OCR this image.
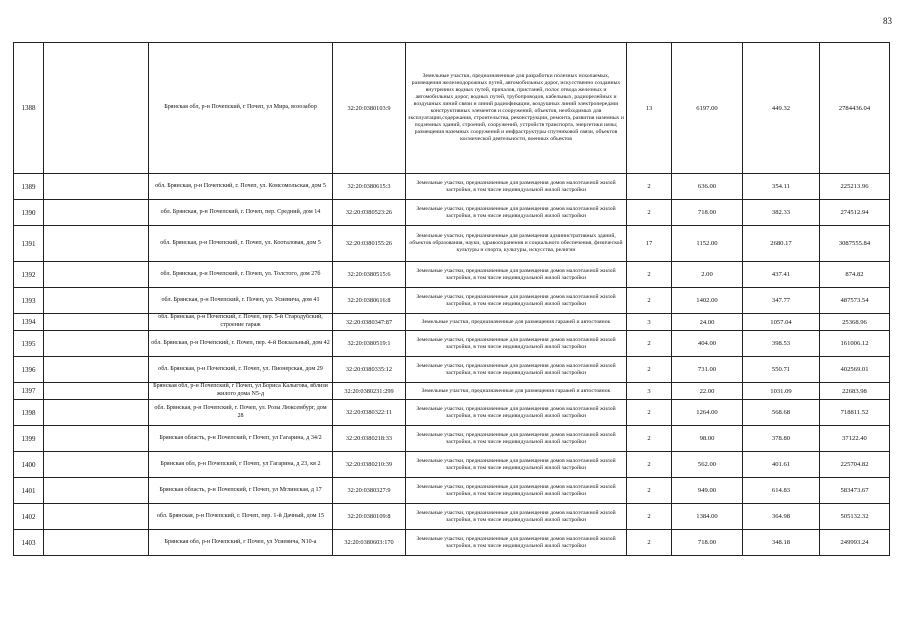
83
1388		Брянская обл, р-н Почепский, г Почеп, ул Мира, возозабор	32:20:0380103:9	Земельные участки, предназначенные для разработки полезных ископаемых, размещения железнодорожных путей, автомобильных дорог, искусственно созданных внутренних водных путей, причалов, пристаней, полос отвода железных и автомобильных дорог, водных путей, трубопроводов, кабельных, радиорелейных и воздушных линий связи и линий радиофикации, воздушных линий электропередачи конструктивных элементов и сооружений, объектов, необходимых для эксплуатации,содержания, строительства, реконструкции, ремонта, развития наземных и подземных зданий, строений, сооружений, устройств транспорта, энергетики иязы; размещения наземных сооружений и инфраструктуры спутниковой связи, объектов космической деятельности, военных объектов	13	6197.00	449.32	2784436.04
1389		обл. Брянская, р-н Почепский, г. Почеп, ул. Комсомольская, дом 5	32:20:0380615:3	Земельные участки, предназначенные для размещения домов малоэтажной жилой застройки, в том числе индивидуальной жилой застройки	2	636.00	354.11	225213.96
1390		обл. Брянская, р-н Почепский, г. Почеп, пер. Средний, дом 14	32:20:0380523:26	Земельные участки, предназначенные для размещения домов малоэтажной жилой застройки, в том числе индивидуальной жилой застройки	2	718.00	382.33	274512.94
1391		обл. Брянская, р-н Почепский, г. Почеп, ул. Кооталовая, дом 5	32:20:0380155:26	Земельные участки, предназначенные для размещения административных зданий, объектов образования, науки, здравоохранения и социального обеспечения, физической культуры и спорта, культуры, искусства, религии	17	1152.00	2680.17	3087555.84
1392		обл. Брянская, р-н Почепский, г. Почеп, ул. Толстого, дом 27б	32:20:0380515:6	Земельные участки, предназначенные для размещения домов малоэтажной жилой застройки, в том числе индивидуальной жилой застройки	2	2.00	437.41	874.82
1393		обл. Брянская, р-н Почепский, г. Почеп, ул. Усиевича, дом 41	32:20:0380616:8	Земельные участки, предназначенные для размещения домов малоэтажной жилой застройки, в том числе индивидуальной жилой застройки	2	1402.00	347.77	487573.54
1394		обл. Брянская, р-н Почепский, г. Почеп, пер. 5-й Стародубский, строение гараж	32:20:0380347:87	Земельные участки, предназначенные для размещения гаражей и автостоянок	3	24.00	1057.04	25368.96
1395		обл. Брянская, р-н Почепский, г. Почеп, пер. 4-й Вокзальный, дом 42	32:20:0380519:1	Земельные участки, предназначенные для размещения домов малоэтажной жилой застройки, в том числе индивидуальной жилой застройки	2	404.00	398.53	161006.12
1396		обл. Брянская, р-н Почепский, г. Почеп, ул. Пионерская, дом 29	32:20:0380335:12	Земельные участки, предназначенные для размещения домов малоэтажной жилой застройки, в том числе индивидуальной жилой застройки	2	731.00	550.71	402569.01
1397		Брянская обл, р-н Почепский, г Почеп, ул Бориса Калыгова, вблизи жилого дома N5-д	32:20:0380231:299	Земельные участки, предназначенные для размещения гаражей и автостоянок	3	22.00	1031.09	22683.98
1398		обл. Брянская, р-н Почепский, г. Почеп, ул. Розы Люксембург, дом 28	32:20:0380322:11	Земельные участки, предназначенные для размещения домов малоэтажной жилой застройки, в том числе индивидуальной жилой застройки	2	1264.00	568.68	718811.52
1399		Брянская область, р-н Почепский, г Почеп, ул Гагарина, д 34/2	32:20:0380218:33	Земельные участки, предназначенные для размещения домов малоэтажной жилой застройки, в том числе индивидуальной жилой застройки	2	98.00	378.80	37122.40
1400		Брянская обл, р-н Почепский, г Почеп, ул Гагарина, д 23, кв 2	32:20:0380210:39	Земельные участки, предназначенные для размещения домов малоэтажной жилой застройки, в том числе индивидуальной жилой застройки	2	562.00	401.61	225704.82
1401		Брянская область, р-н Почепский, г Почеп, ул Мглинская, д 17	32:20:0380327:9	Земельные участки, предназначенные для размещения домов малоэтажной жилой застройки, в том числе индивидуальной жилой застройки	2	949.00	614.83	583473.67
1402		обл. Брянская, р-н Почепский, г. Почеп, пер. 1-й Дачный, дом 15	32:20:0380109:8	Земельные участки, предназначенные для размещения домов малоэтажной жилой застройки, в том числе индивидуальной жилой застройки	2	1384.00	364.98	505132.32
1403		Брянская обл, р-н Почепский, г Почеп, ул Усиевича, N10-а	32:20:0380603:170	Земельные участки, предназначенные для размещения домов малоэтажной жилой застройки, в том числе индивидуальной жилой застройки	2	718.00	348.18	249993.24
